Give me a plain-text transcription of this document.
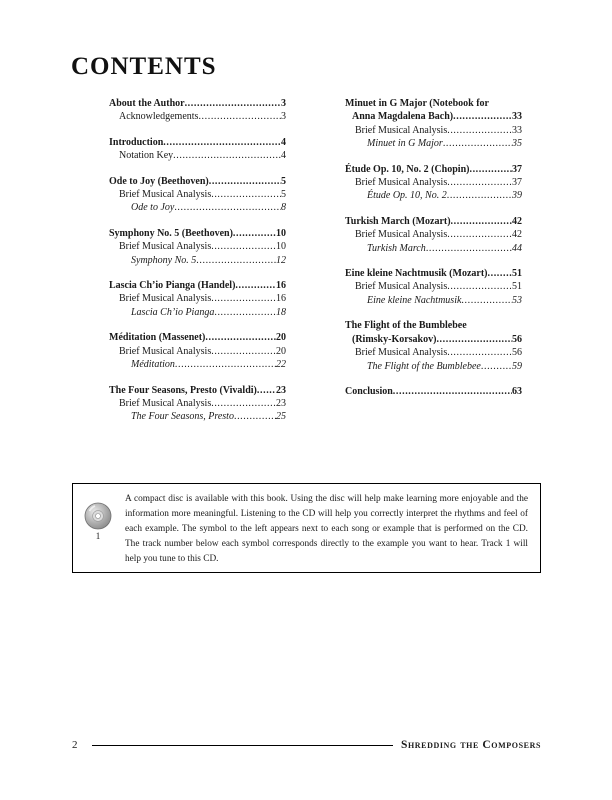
CONTENTS
About the Author .....	3
Acknowledgements .....	3
Introduction .....	4
Notation Key .....	4
Ode to Joy (Beethoven) .....	5
Brief Musical Analysis .....	5
Ode to Joy .....	8
Symphony No. 5 (Beethoven) .....	10
Brief Musical Analysis .....	10
Symphony No. 5 .....	12
Lascia Ch’io Pianga (Handel) .....	16
Brief Musical Analysis .....	16
Lascia Ch’io Pianga .....	18
Méditation (Massenet) .....	20
Brief Musical Analysis .....	20
Méditation .....	22
The Four Seasons, Presto (Vivaldi) ..... 23
Brief Musical Analysis .....	23
The Four Seasons, Presto .....	25
Minuet in G Major (Notebook for
Anna Magdalena Bach) .....	33
Brief Musical Analysis .....	33
Minuet in G Major .....	35
Étude Op. 10, No. 2 (Chopin) .....	37
Brief Musical Analysis .....	37
Étude Op. 10, No. 2 .....	39
Turkish March (Mozart) .....	42
Brief Musical Analysis .....	42
Turkish March .....	44
Eine kleine Nachtmusik (Mozart) ..... 51
Brief Musical Analysis .....	51
Eine kleine Nachtmusik .....	53
The Flight of the Bumblebee
(Rimsky-Korsakov) .....	56
Brief Musical Analysis .....	56
The Flight of the Bumblebee .....	59
Conclusion .....	63
1

A compact disc is available with this book. Using the disc will help make learning more enjoyable and the information more meaningful. Listening to the CD will help you correctly interpret the rhythms and feel of each example. The symbol to the left appears next to each song or example that is performed on the CD. The track number below each symbol corresponds directly to the example you want to hear. Track 1 will help you tune to this CD.

2	Shredding the Composers
